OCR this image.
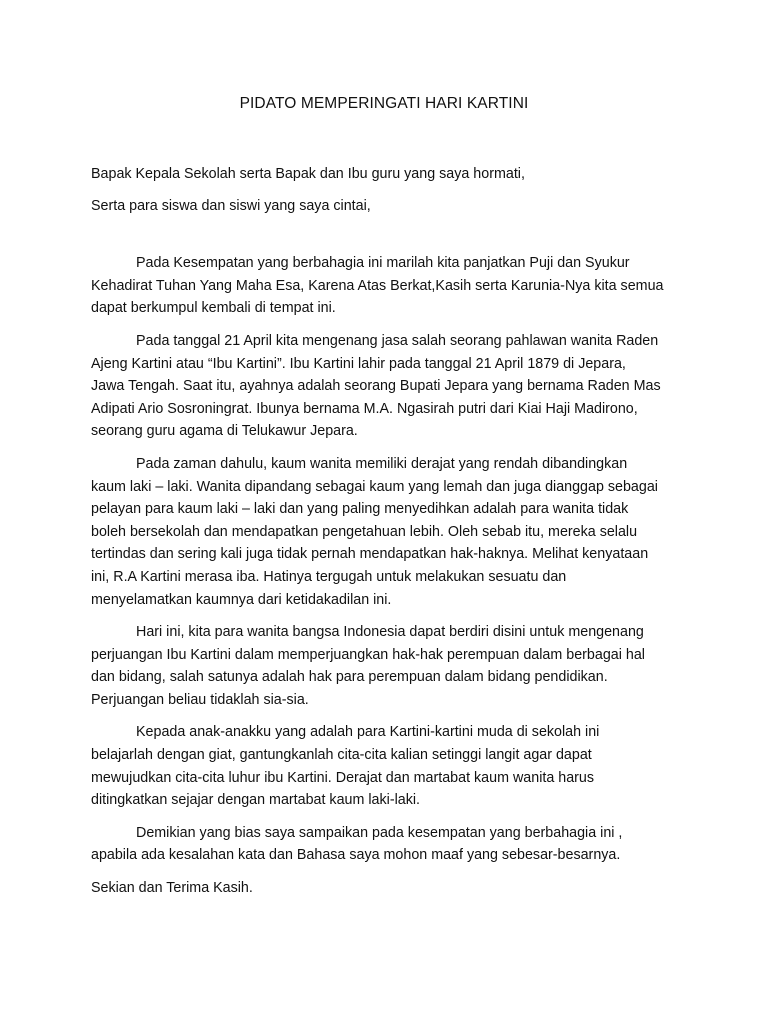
PIDATO MEMPERINGATI HARI KARTINI

Bapak Kepala Sekolah serta Bapak dan Ibu guru yang saya hormati,

Serta para siswa dan siswi yang saya cintai,

Pada Kesempatan yang berbahagia ini marilah kita panjatkan Puji dan Syukur
Kehadirat Tuhan Yang Maha Esa, Karena Atas Berkat,Kasih serta Karunia-Nya kita semua
dapat berkumpul kembali di tempat ini.
Pada tanggal 21 April kita mengenang jasa salah seorang pahlawan wanita Raden
Ajeng Kartini atau “Ibu Kartini”. Ibu Kartini lahir pada tanggal 21 April 1879 di Jepara,
Jawa Tengah. Saat itu, ayahnya adalah seorang Bupati Jepara yang bernama Raden Mas
Adipati Ario Sosroningrat. Ibunya bernama M.A. Ngasirah putri dari Kiai Haji Madirono,
seorang guru agama di Telukawur Jepara.
Pada zaman dahulu, kaum wanita memiliki derajat yang rendah dibandingkan
kaum laki – laki. Wanita dipandang sebagai kaum yang lemah dan juga dianggap sebagai
pelayan para kaum laki – laki dan yang paling menyedihkan adalah para wanita tidak
boleh bersekolah dan mendapatkan pengetahuan lebih. Oleh sebab itu, mereka selalu
tertindas dan sering kali juga tidak pernah mendapatkan hak-haknya. Melihat kenyataan
ini, R.A Kartini merasa iba. Hatinya tergugah untuk melakukan sesuatu dan
menyelamatkan kaumnya dari ketidakadilan ini.
Hari ini, kita para wanita bangsa Indonesia dapat berdiri disini untuk mengenang
perjuangan Ibu Kartini dalam memperjuangkan hak-hak perempuan dalam berbagai hal
dan bidang, salah satunya adalah hak para perempuan dalam bidang pendidikan.
Perjuangan beliau tidaklah sia-sia.
Kepada anak-anakku yang adalah para Kartini-kartini muda di sekolah ini
belajarlah dengan giat, gantungkanlah cita-cita kalian setinggi langit agar dapat
mewujudkan cita-cita luhur ibu Kartini. Derajat dan martabat kaum wanita harus
ditingkatkan sejajar dengan martabat kaum laki-laki.
Demikian yang bias saya sampaikan pada kesempatan yang berbahagia ini ,
apabila ada kesalahan kata dan Bahasa saya mohon maaf yang sebesar-besarnya.

Sekian dan Terima Kasih.
